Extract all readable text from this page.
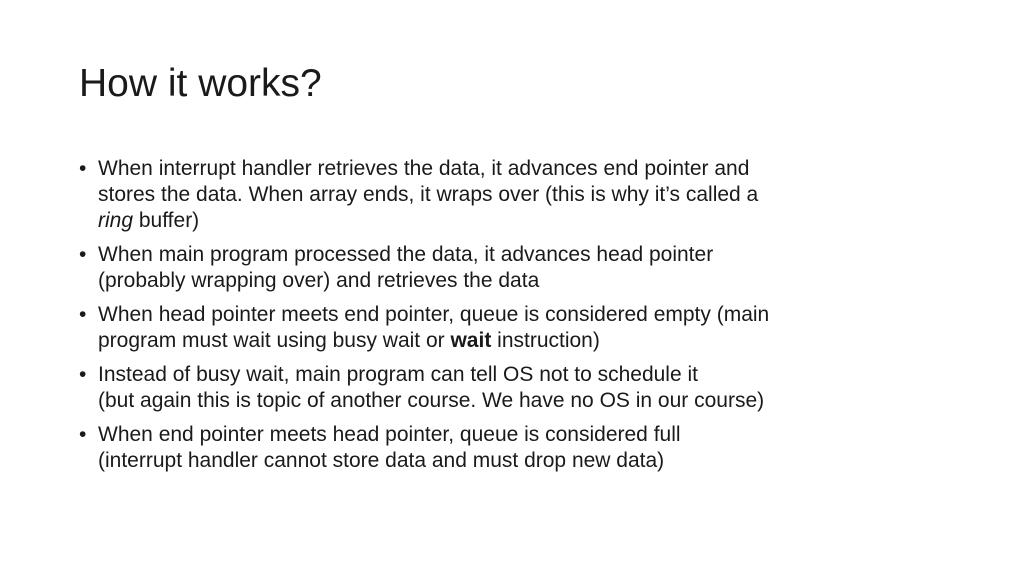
How it works?
• When interrupt handler retrieves the data, it advances end pointer and
stores the data. When array ends, it wraps over (this is why it’s called a
ring buffer)
• When main program processed the data, it advances head pointer
(probably wrapping over) and retrieves the data
• When head pointer meets end pointer, queue is considered empty (main
program must wait using busy wait or wait instruction)
• Instead of busy wait, main program can tell OS not to schedule it
(but again this is topic of another course. We have no OS in our course)
• When end pointer meets head pointer, queue is considered full
(interrupt handler cannot store data and must drop new data)
